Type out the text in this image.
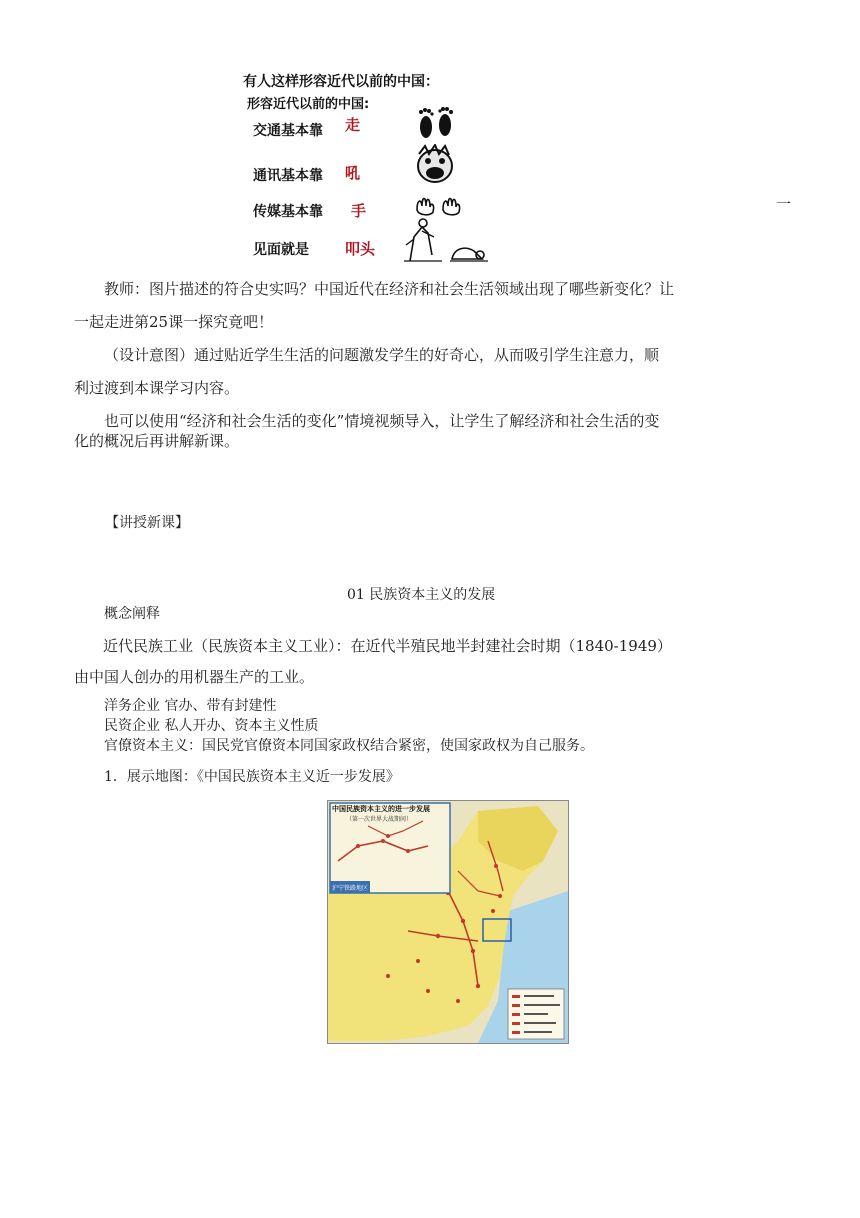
有人这样形容近代以前的中国：
形容近代以前的中国:
交通基本靠 走
通讯基本靠 吼
传媒基本靠 手
见面就是 叩头
一
教师：图片描述的符合史实吗？中国近代在经济和社会生活领域出现了哪些新变化？让
一起走进第25课一探究竟吧！
（设计意图）通过贴近学生生活的问题激发学生的好奇心，从而吸引学生注意力，顺
利过渡到本课学习内容。
也可以使用“经济和社会生活的变化”情境视频导入，让学生了解经济和社会生活的变
化的概况后再讲解新课。
【讲授新课】
01 民族资本主义的发展
概念阐释
近代民族工业（民族资本主义工业）：在近代半殖民地半封建社会时期（1840-1949）
由中国人创办的用机器生产的工业。
洋务企业 官办、带有封建性
民资企业 私人开办、资本主义性质
官僚资本主义：国民党官僚资本同国家政权结合紧密，使国家政权为自己服务。
1．展示地图：《中国民族资本主义近一步发展》
中国民族资本主义的进一步发展
（第一次世界大战期间）
沪宁铁路地区
